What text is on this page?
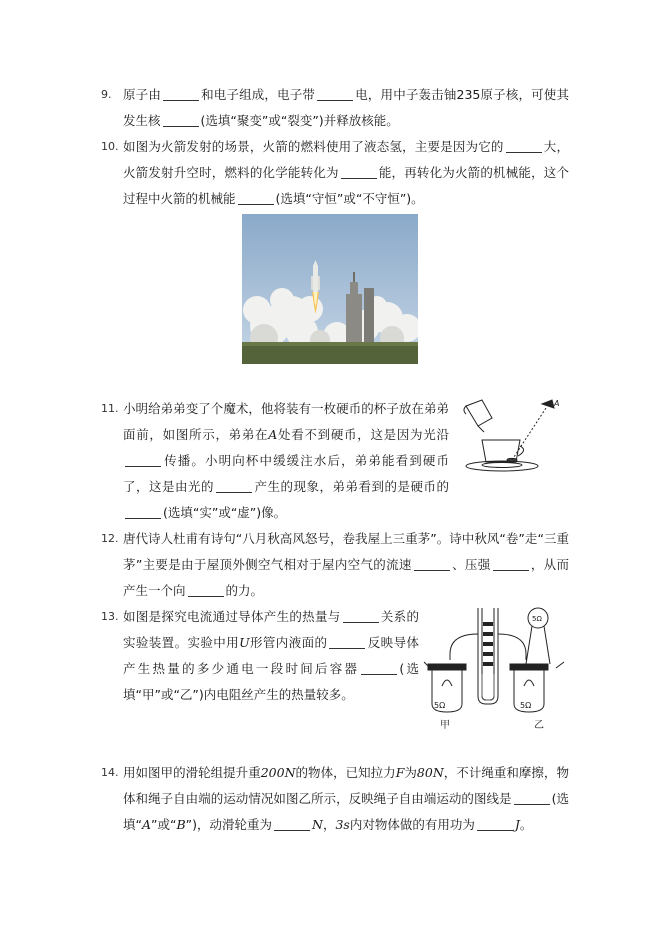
9. 原子由	和电子组成，电子带	电，用中子轰击铀235原子核，可使其发生核	(选填“聚变”或“裂变”)并释放核能。
10. 如图为火箭发射的场景，火箭的燃料使用了液态氢，主要是因为它的	大，火箭发射升空时，燃料的化学能转化为	能，再转化为火箭的机械能，这个过程中火箭的机械能	(选填“守恒”或“不守恒”)。
11. 小明给弟弟变了个魔术，他将装有一枚硬币的杯子放在弟弟面前，如图所示，弟弟在A处看不到硬币，这是因为光沿传播。小明向杯中缓缓注水后，弟弟能看到硬币了，这是由光的	产生的现象，弟弟看到的是硬币的(选填“实”或“虚”)像。
A
12. 唐代诗人杜甫有诗句“八月秋高风怒号，卷我屋上三重茅”。诗中秋风“卷”走“三重茅”主要是由于屋顶外侧空气相对于屋内空气的流速	、压强	，从而产生一个向	的力。
13. 如图是探究电流通过导体产生的热量与	关系的实验装置。实验中用U形管内液面的	反映导体产生热量的多少通电一段时间后容器	(选填“甲”或“乙”)内电阻丝产生的热量较多。
5Ω	5Ω
5Ω
甲	乙
14. 用如图甲的滑轮组提升重200N的物体，已知拉力F为80N，不计绳重和摩擦，物体和绳子自由端的运动情况如图乙所示，反映绳子自由端运动的图线是	(选填“A”或“B”)，动滑轮重为	N，3s内对物体做的有用功为	J。
